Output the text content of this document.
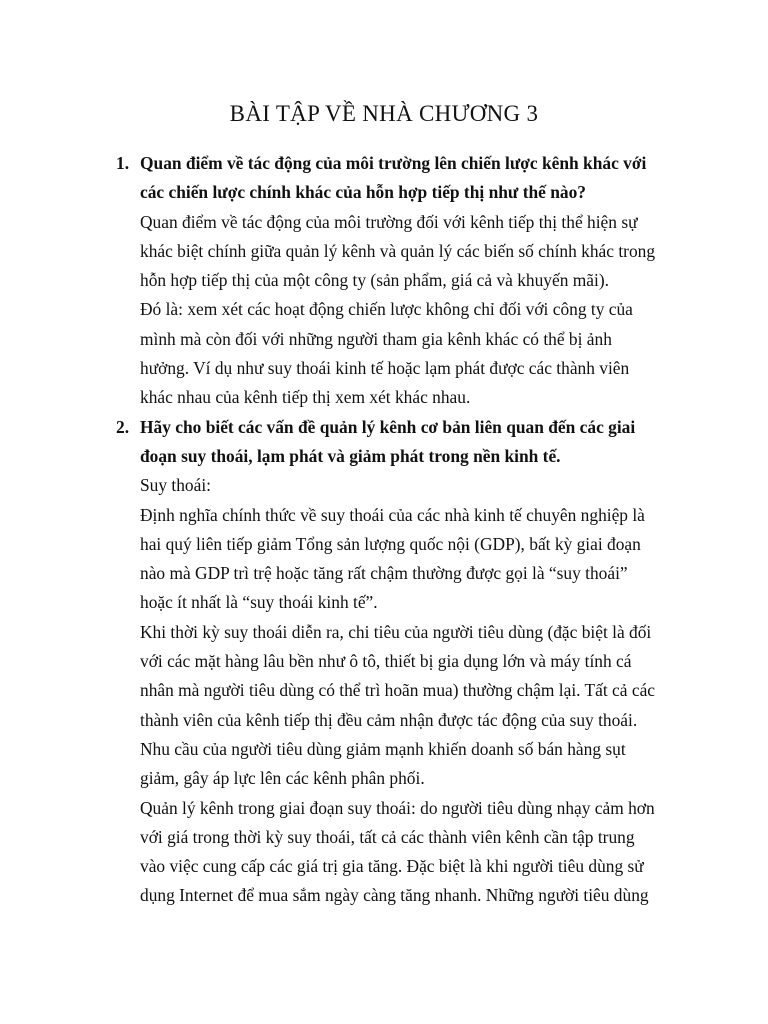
BÀI TẬP VỀ NHÀ CHƯƠNG 3
1. Quan điểm về tác động của môi trường lên chiến lược kênh khác với
các chiến lược chính khác của hỗn hợp tiếp thị như thế nào?
Quan điểm về tác động của môi trường đối với kênh tiếp thị thể hiện sự
khác biệt chính giữa quản lý kênh và quản lý các biến số chính khác trong
hỗn hợp tiếp thị của một công ty (sản phẩm, giá cả và khuyến mãi).
Đó là: xem xét các hoạt động chiến lược không chỉ đối với công ty của
mình mà còn đối với những người tham gia kênh khác có thể bị ảnh
hưởng. Ví dụ như suy thoái kinh tế hoặc lạm phát được các thành viên
khác nhau của kênh tiếp thị xem xét khác nhau.
2. Hãy cho biết các vấn đề quản lý kênh cơ bản liên quan đến các giai
đoạn suy thoái, lạm phát và giảm phát trong nền kinh tế.
Suy thoái:
Định nghĩa chính thức về suy thoái của các nhà kinh tế chuyên nghiệp là
hai quý liên tiếp giảm Tổng sản lượng quốc nội (GDP), bất kỳ giai đoạn
nào mà GDP trì trệ hoặc tăng rất chậm thường được gọi là “suy thoái”
hoặc ít nhất là “suy thoái kinh tế”.
Khi thời kỳ suy thoái diễn ra, chi tiêu của người tiêu dùng (đặc biệt là đối
với các mặt hàng lâu bền như ô tô, thiết bị gia dụng lớn và máy tính cá
nhân mà người tiêu dùng có thể trì hoãn mua) thường chậm lại. Tất cả các
thành viên của kênh tiếp thị đều cảm nhận được tác động của suy thoái.
Nhu cầu của người tiêu dùng giảm mạnh khiến doanh số bán hàng sụt
giảm, gây áp lực lên các kênh phân phối.
Quản lý kênh trong giai đoạn suy thoái: do người tiêu dùng nhạy cảm hơn
với giá trong thời kỳ suy thoái, tất cả các thành viên kênh cần tập trung
vào việc cung cấp các giá trị gia tăng. Đặc biệt là khi người tiêu dùng sử
dụng Internet để mua sắm ngày càng tăng nhanh. Những người tiêu dùng
